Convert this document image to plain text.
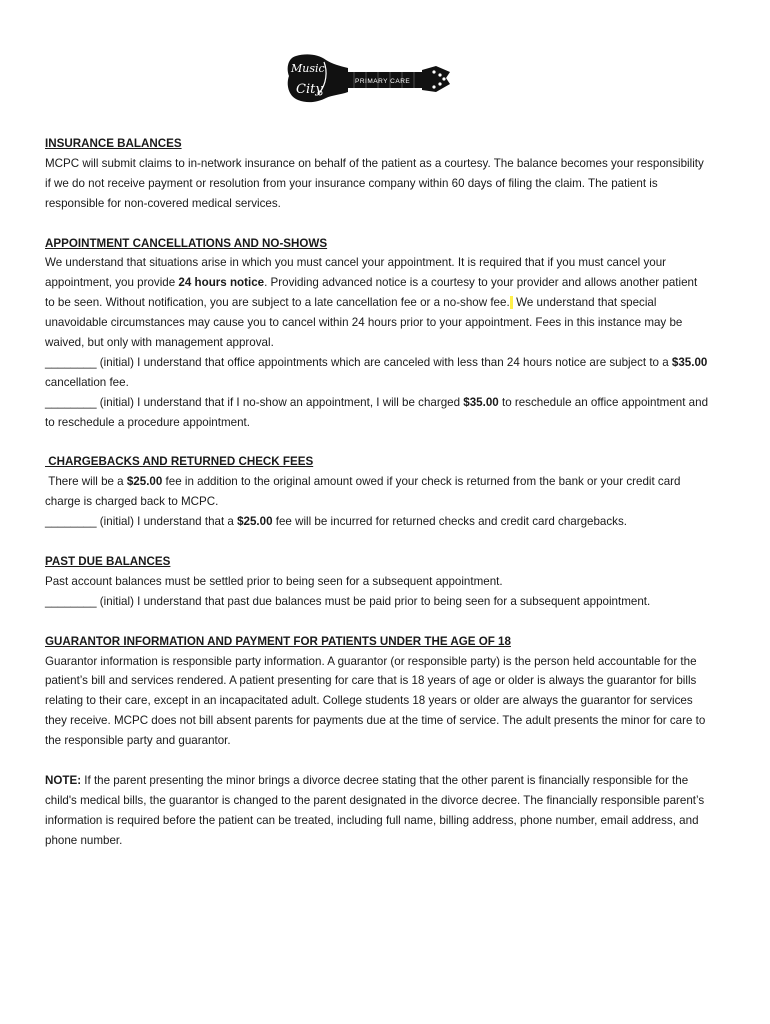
Music
City
PRIMARY CARE
INSURANCE BALANCES

MCPC will submit claims to in-network insurance on behalf of the patient as a courtesy. The balance becomes your responsibility if we do not receive payment or resolution from your insurance company within 60 days of filing the claim. The patient is responsible for non-covered medical services.

APPOINTMENT CANCELLATIONS AND NO-SHOWS

We understand that situations arise in which you must cancel your appointment. It is required that if you must cancel your appointment, you provide 24 hours notice. Providing advanced notice is a courtesy to your provider and allows another patient to be seen. Without notification, you are subject to a late cancellation fee or a no-show fee.  We understand that special unavoidable circumstances may cause you to cancel within 24 hours prior to your appointment. Fees in this instance may be waived, but only with management approval.

________ (initial) I understand that office appointments which are canceled with less than 24 hours notice are subject to a $35.00 cancellation fee.

________ (initial) I understand that if I no-show an appointment, I will be charged $35.00 to reschedule an office appointment and to reschedule a procedure appointment.

CHARGEBACKS AND RETURNED CHECK FEES

There will be a $25.00 fee in addition to the original amount owed if your check is returned from the bank or your credit card charge is charged back to MCPC.

________ (initial) I understand that a $25.00 fee will be incurred for returned checks and credit card chargebacks.

PAST DUE BALANCES

Past account balances must be settled prior to being seen for a subsequent appointment.

________ (initial) I understand that past due balances must be paid prior to being seen for a subsequent appointment.

GUARANTOR INFORMATION AND PAYMENT FOR PATIENTS UNDER THE AGE OF 18

Guarantor information is responsible party information. A guarantor (or responsible party) is the person held accountable for the patient’s bill and services rendered. A patient presenting for care that is 18 years of age or older is always the guarantor for bills relating to their care, except in an incapacitated adult. College students 18 years or older are always the guarantor for services they receive. MCPC does not bill absent parents for payments due at the time of service. The adult presents the minor for care to the responsible party and guarantor.

NOTE: If the parent presenting the minor brings a divorce decree stating that the other parent is financially responsible for the child's medical bills, the guarantor is changed to the parent designated in the divorce decree. The financially responsible parent’s information is required before the patient can be treated, including full name, billing address, phone number, email address, and phone number.
